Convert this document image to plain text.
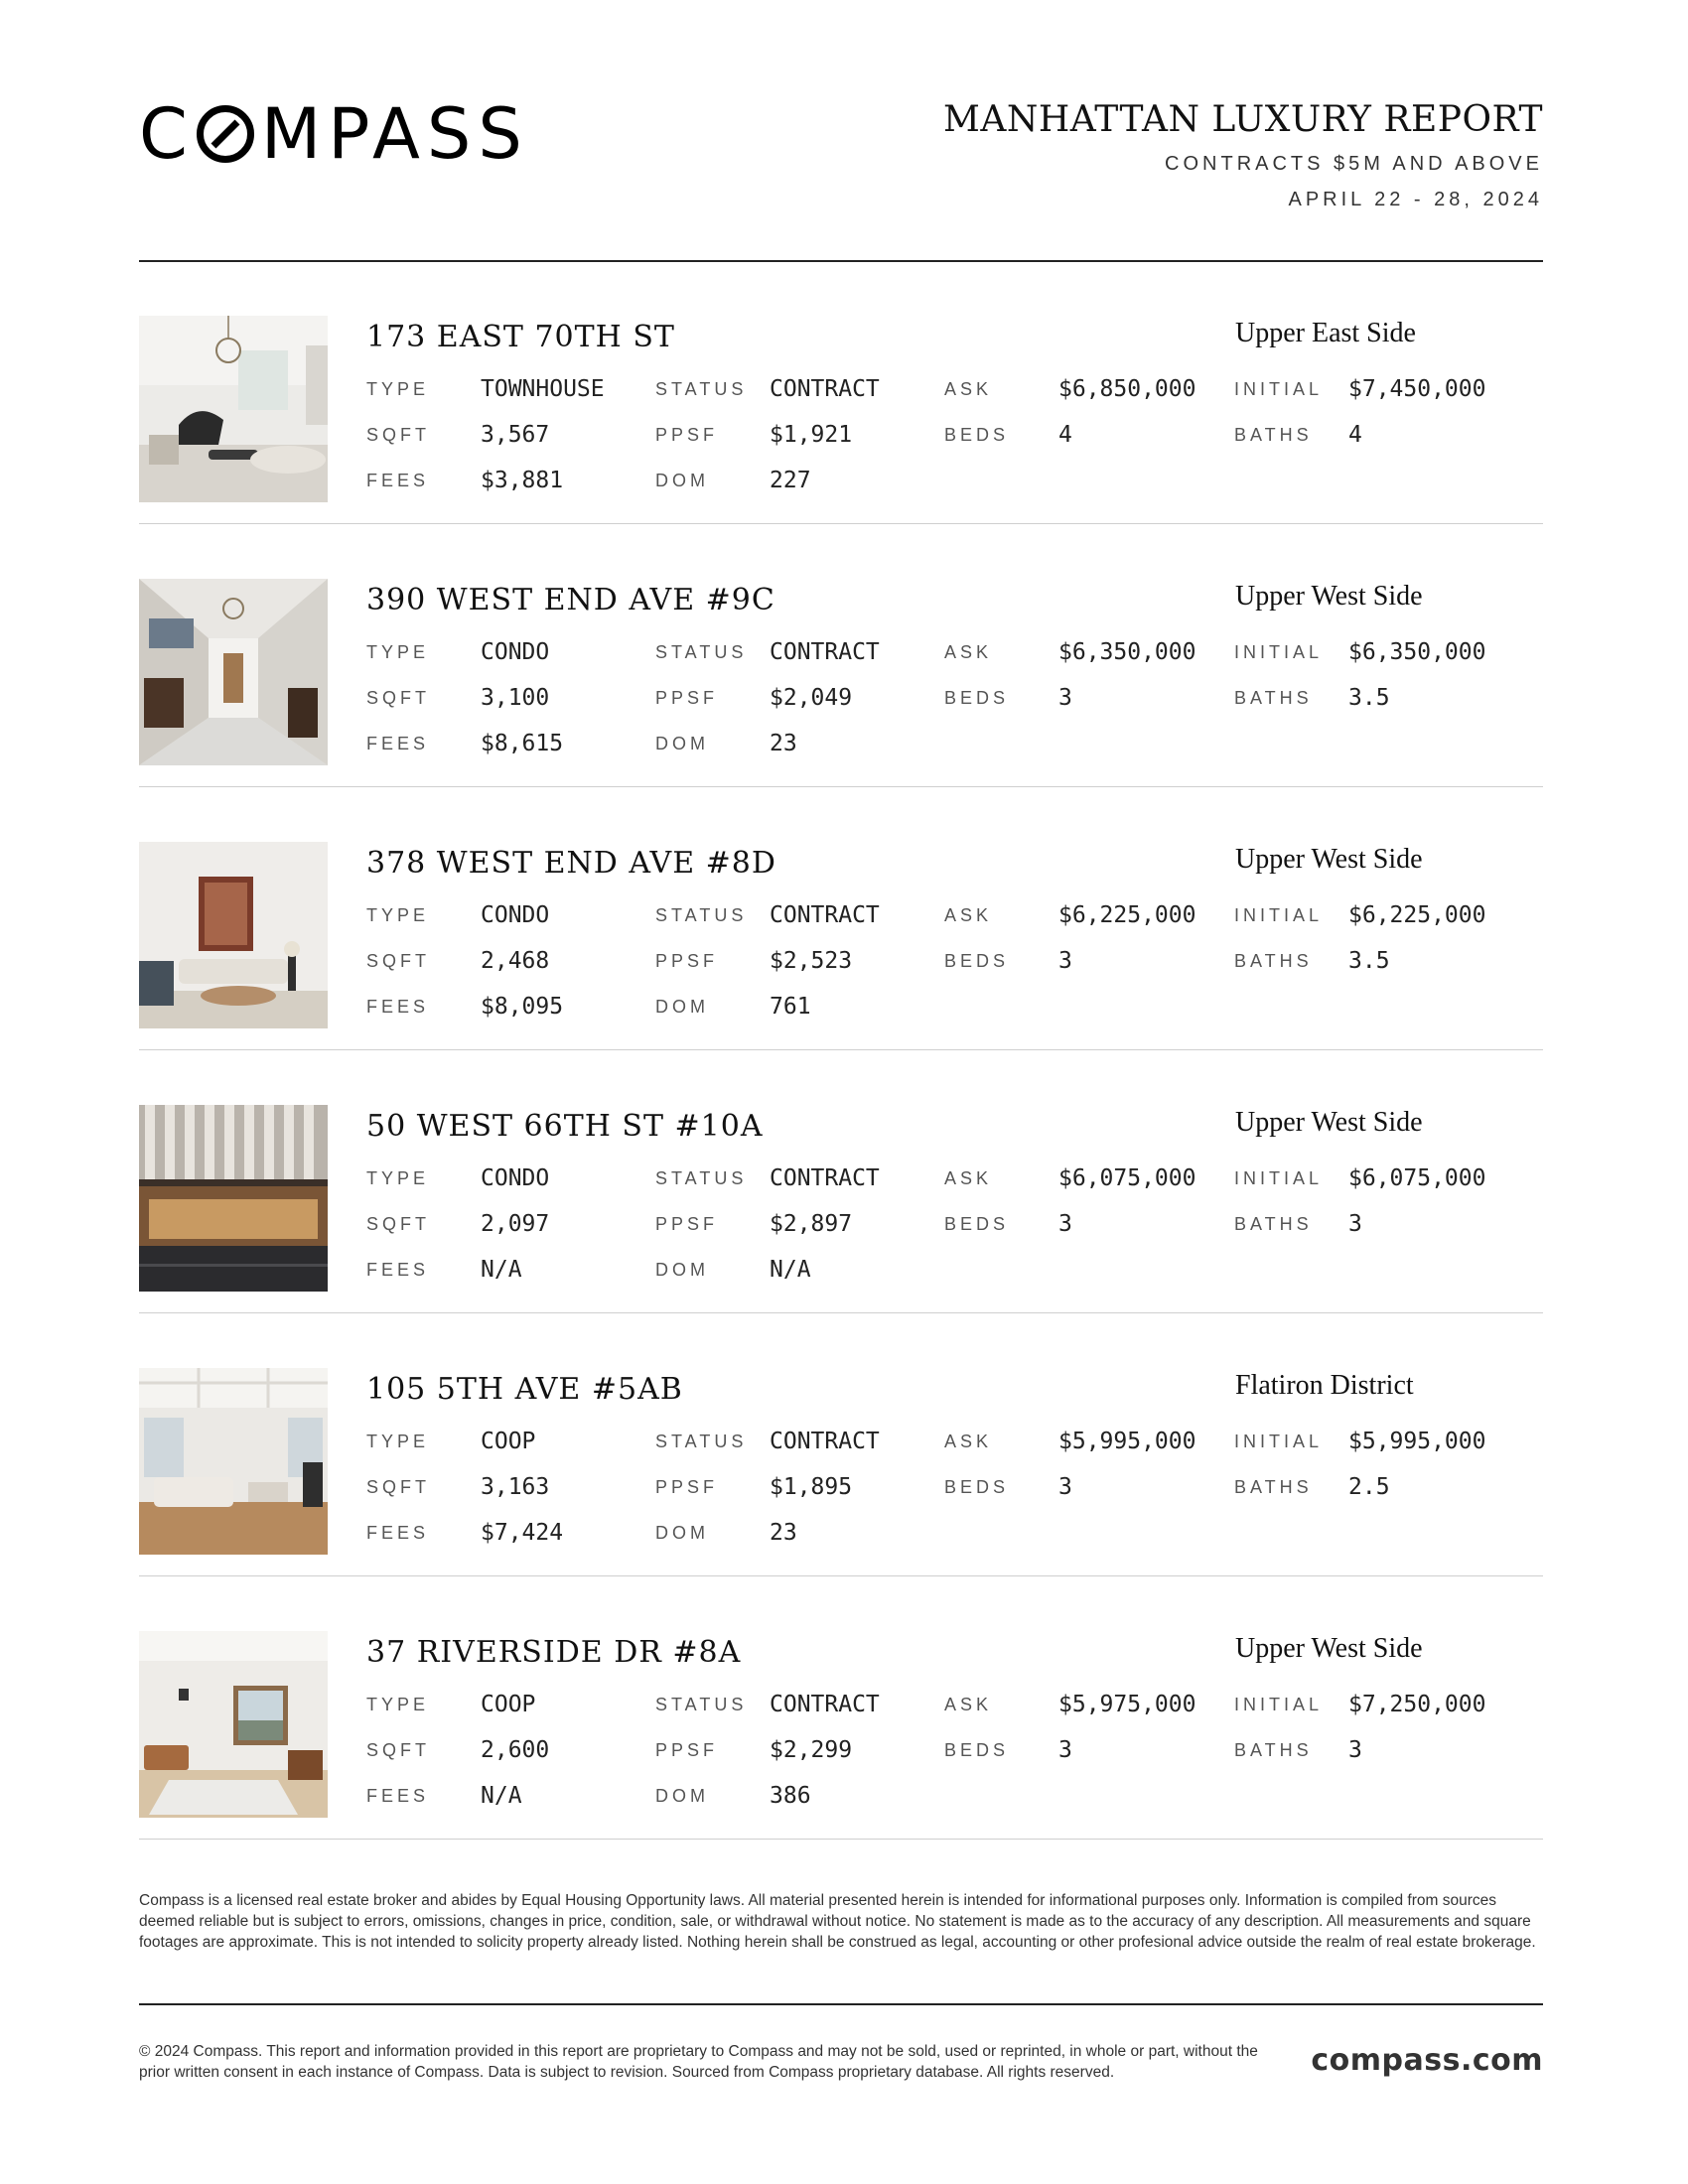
C MPASS	MANHATTAN LUXURY REPORT
CONTRACTS $5M AND ABOVE
APRIL 22 - 28, 2024
173 EAST 70TH ST	Upper East Side
TYPE TOWNHOUSE	STATUS CONTRACT	ASK	$6,850,000 INITIAL $7,450,000
SQFT 3,567	PPSF $1,921	BEDS 4	BATHS 4
FEES $3,881	DOM	227
390 WEST END AVE #9C	Upper West Side
TYPE CONDO	STATUS CONTRACT	ASK	$6,350,000 INITIAL $6,350,000
SQFT 3,100	PPSF $2,049	BEDS 3	BATHS 3.5
FEES $8,615	DOM	23
378 WEST END AVE #8D	Upper West Side
TYPE CONDO	STATUS CONTRACT	ASK	$6,225,000 INITIAL $6,225,000
SQFT 2,468	PPSF $2,523	BEDS 3	BATHS 3.5
FEES $8,095	DOM	761
50 WEST 66TH ST #10A	Upper West Side
TYPE CONDO	STATUS CONTRACT	ASK	$6,075,000 INITIAL $6,075,000
SQFT 2,097	PPSF $2,897	BEDS 3	BATHS 3
FEES N/A	DOM	N/A
105 5TH AVE #5AB	Flatiron District
TYPE COOP	STATUS CONTRACT	ASK	$5,995,000 INITIAL $5,995,000
SQFT 3,163	PPSF $1,895	BEDS 3	BATHS 2.5
FEES $7,424	DOM	23
37 RIVERSIDE DR #8A	Upper West Side
TYPE COOP	STATUS CONTRACT	ASK	$5,975,000 INITIAL $7,250,000
SQFT 2,600	PPSF $2,299	BEDS 3	BATHS 3
FEES N/A	DOM	386
Compass is a licensed real estate broker and abides by Equal Housing Opportunity laws. All material presented herein is intended for informational purposes only. Information is compiled from sources deemed reliable but is subject to errors, omissions, changes in price, condition, sale, or withdrawal without notice. No statement is made as to the accuracy of any description. All measurements and square footages are approximate. This is not intended to solicity property already listed. Nothing herein shall be construed as legal, accounting or other profesional advice outside the realm of real estate brokerage.
© 2024 Compass. This report and information provided in this report are proprietary to Compass and may not be sold, used or reprinted, in whole or part, without the prior written consent in each instance of Compass. Data is subject to revision. Sourced from Compass proprietary database. All rights reserved.	compass.com
